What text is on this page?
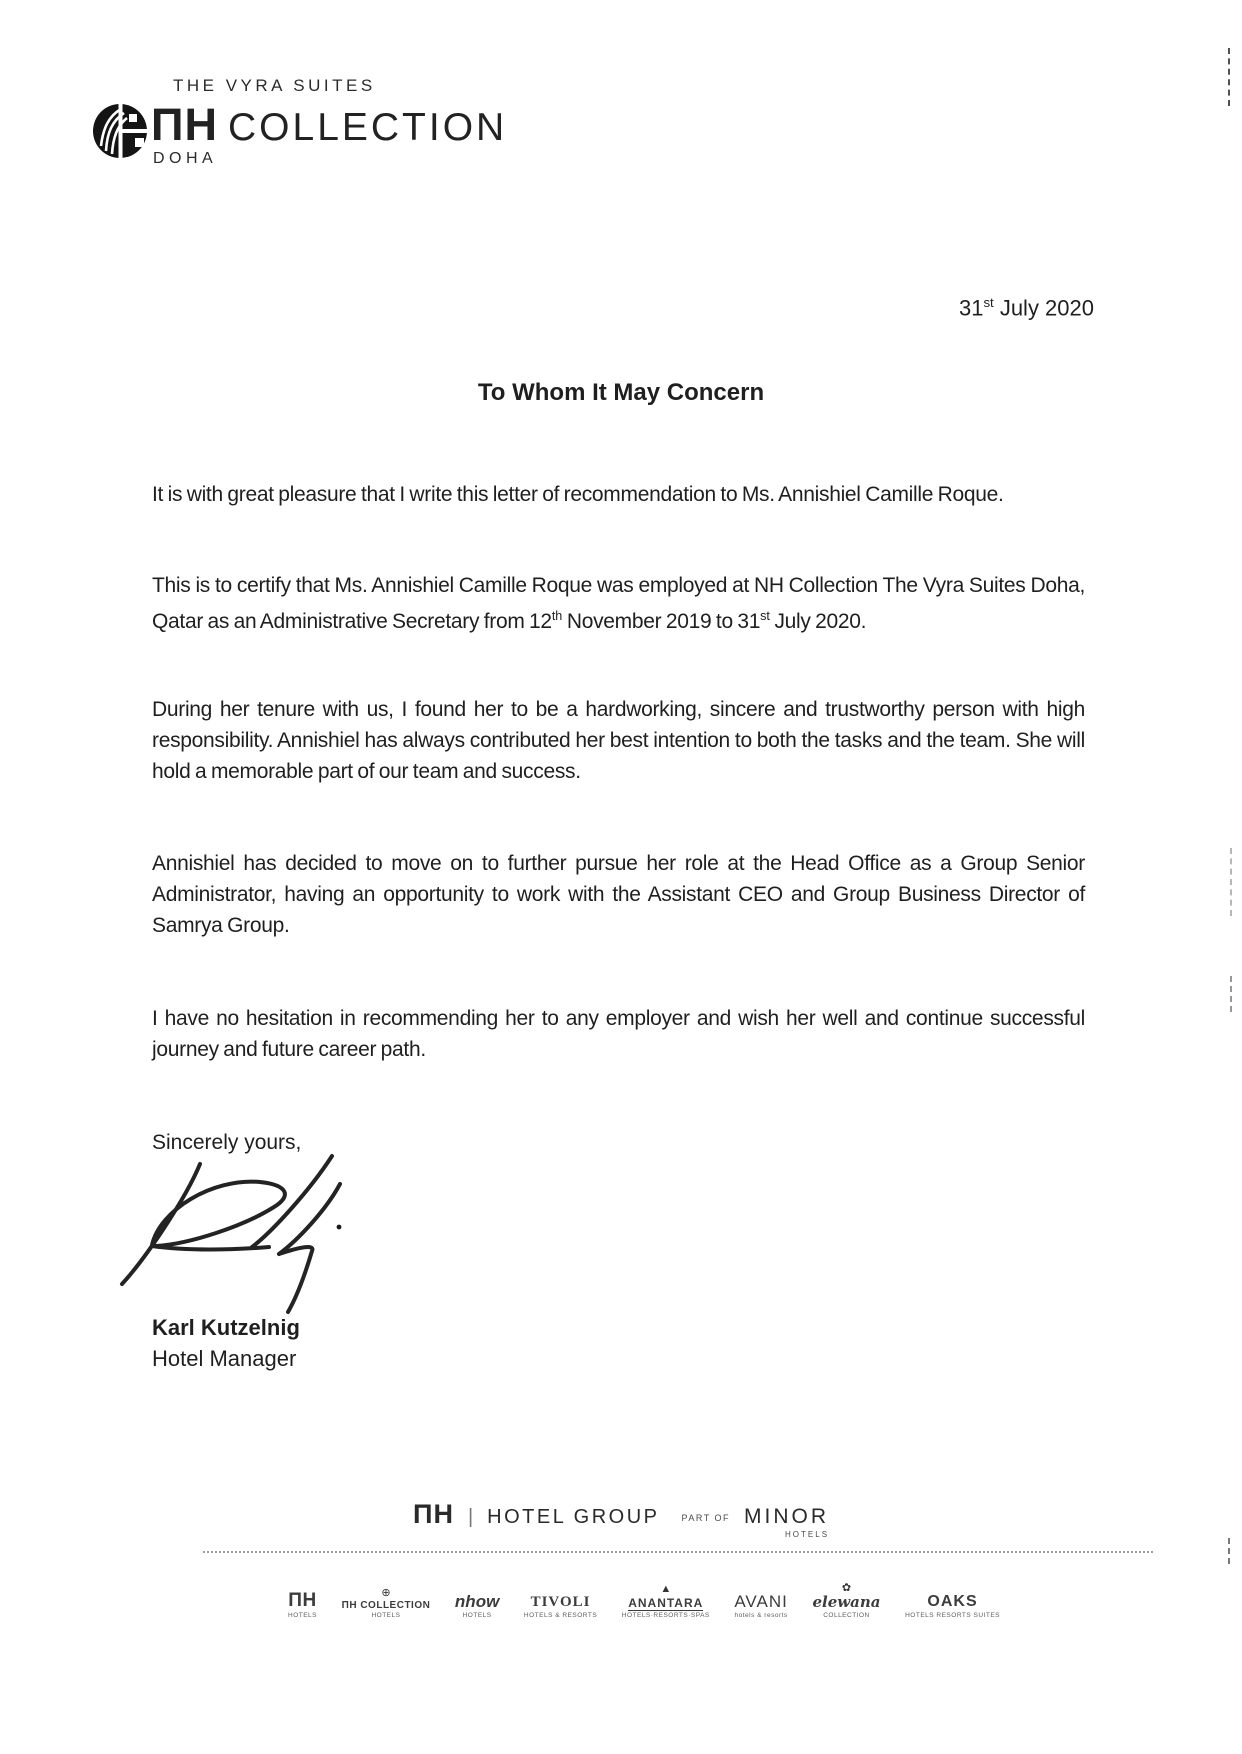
THE VYRA SUITES
ΠH COLLECTION
DOHA
31st July 2020
To Whom It May Concern

It is with great pleasure that I write this letter of recommendation to Ms. Annishiel Camille Roque.

This is to certify that Ms. Annishiel Camille Roque was employed at NH Collection The Vyra Suites Doha, Qatar as an Administrative Secretary from 12th November 2019 to 31st July 2020.

During her tenure with us, I found her to be a hardworking, sincere and trustworthy person with high responsibility. Annishiel has always contributed her best intention to both the tasks and the team. She will hold a memorable part of our team and success.

Annishiel has decided to move on to further pursue her role at the Head Office as a Group Senior Administrator, having an opportunity to work with the Assistant CEO and Group Business Director of Samrya Group.

I have no hesitation in recommending her to any employer and wish her well and continue successful journey and future career path.

Sincerely yours,
Karl Kutzelnig
Hotel Manager
ΠH | HOTEL GROUP PART OF MINOR
HOTELS
ΠH
HOTELS
⊕
ΠH COLLECTION
HOTELS
nhow
HOTELS
TIVOLI
HOTELS & RESORTS
▲
ANANTARA
HOTELS·RESORTS·SPAS
AVANI
hotels & resorts
✿
elewana
COLLECTION
OAKS
HOTELS RESORTS SUITES
